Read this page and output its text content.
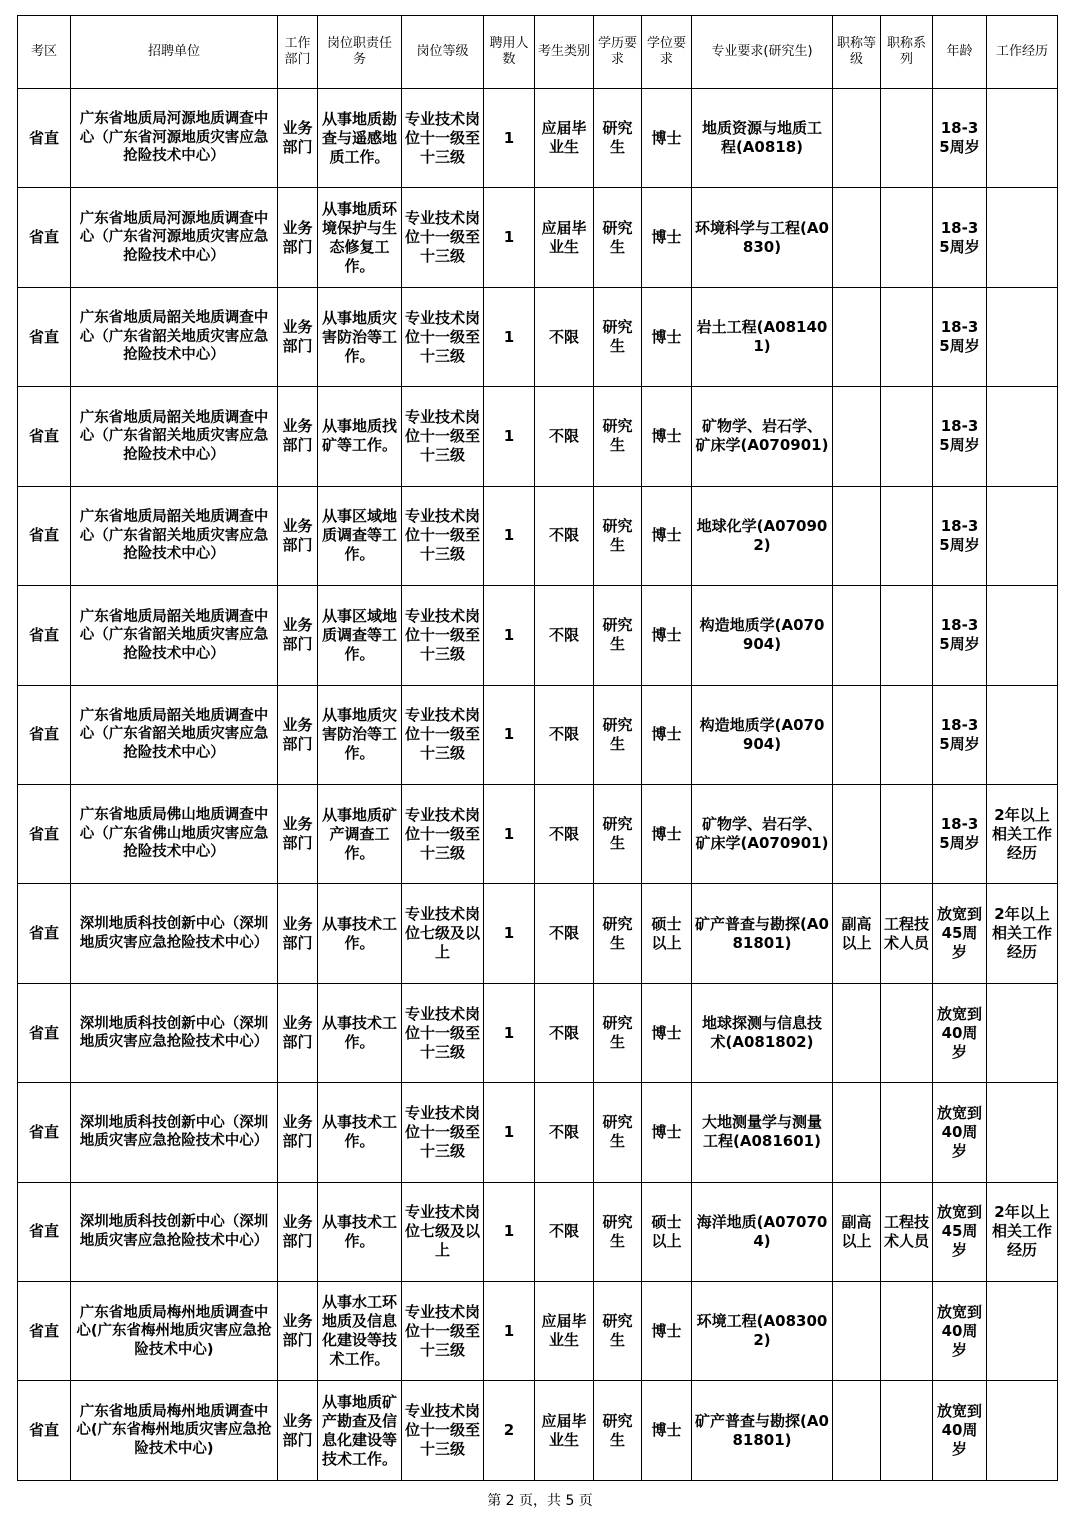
考区	招聘单位	工作部门	岗位职责任务	岗位等级	聘用人数	考生类别	学历要求	学位要求	专业要求(研究生)	职称等级	职称系列	年龄	工作经历
省直	广东省地质局河源地质调查中心（广东省河源地质灾害应急抢险技术中心）	业务部门	从事地质勘查与遥感地质工作。	专业技术岗位十一级至十三级	1	应届毕业生	研究生	博士	地质资源与地质工程(A0818)			18-35周岁	
省直	广东省地质局河源地质调查中心（广东省河源地质灾害应急抢险技术中心）	业务部门	从事地质环境保护与生态修复工作。	专业技术岗位十一级至十三级	1	应届毕业生	研究生	博士	环境科学与工程(A0830)			18-35周岁	
省直	广东省地质局韶关地质调查中心（广东省韶关地质灾害应急抢险技术中心）	业务部门	从事地质灾害防治等工作。	专业技术岗位十一级至十三级	1	不限	研究生	博士	岩土工程(A081401)			18-35周岁	
省直	广东省地质局韶关地质调查中心（广东省韶关地质灾害应急抢险技术中心）	业务部门	从事地质找矿等工作。	专业技术岗位十一级至十三级	1	不限	研究生	博士	矿物学、岩石学、矿床学(A070901)			18-35周岁	
省直	广东省地质局韶关地质调查中心（广东省韶关地质灾害应急抢险技术中心）	业务部门	从事区域地质调查等工作。	专业技术岗位十一级至十三级	1	不限	研究生	博士	地球化学(A070902)			18-35周岁	
省直	广东省地质局韶关地质调查中心（广东省韶关地质灾害应急抢险技术中心）	业务部门	从事区域地质调查等工作。	专业技术岗位十一级至十三级	1	不限	研究生	博士	构造地质学(A070904)			18-35周岁	
省直	广东省地质局韶关地质调查中心（广东省韶关地质灾害应急抢险技术中心）	业务部门	从事地质灾害防治等工作。	专业技术岗位十一级至十三级	1	不限	研究生	博士	构造地质学(A070904)			18-35周岁	
省直	广东省地质局佛山地质调查中心（广东省佛山地质灾害应急抢险技术中心）	业务部门	从事地质矿产调查工作。	专业技术岗位十一级至十三级	1	不限	研究生	博士	矿物学、岩石学、矿床学(A070901)			18-35周岁	2年以上相关工作经历
省直	深圳地质科技创新中心（深圳地质灾害应急抢险技术中心）	业务部门	从事技术工作。	专业技术岗位七级及以上	1	不限	研究生	硕士以上	矿产普查与勘探(A081801)	副高以上	工程技术人员	放宽到45周岁	2年以上相关工作经历
省直	深圳地质科技创新中心（深圳地质灾害应急抢险技术中心）	业务部门	从事技术工作。	专业技术岗位十一级至十三级	1	不限	研究生	博士	地球探测与信息技术(A081802)			放宽到40周岁	
省直	深圳地质科技创新中心（深圳地质灾害应急抢险技术中心）	业务部门	从事技术工作。	专业技术岗位十一级至十三级	1	不限	研究生	博士	大地测量学与测量工程(A081601)			放宽到40周岁	
省直	深圳地质科技创新中心（深圳地质灾害应急抢险技术中心）	业务部门	从事技术工作。	专业技术岗位七级及以上	1	不限	研究生	硕士以上	海洋地质(A070704)	副高以上	工程技术人员	放宽到45周岁	2年以上相关工作经历
省直	广东省地质局梅州地质调查中心(广东省梅州地质灾害应急抢险技术中心)	业务部门	从事水工环地质及信息化建设等技术工作。	专业技术岗位十一级至十三级	1	应届毕业生	研究生	博士	环境工程(A083002)			放宽到40周岁	
省直	广东省地质局梅州地质调查中心(广东省梅州地质灾害应急抢险技术中心)	业务部门	从事地质矿产勘查及信息化建设等技术工作。	专业技术岗位十一级至十三级	2	应届毕业生	研究生	博士	矿产普查与勘探(A081801)			放宽到40周岁	
第 2 页，共 5 页
